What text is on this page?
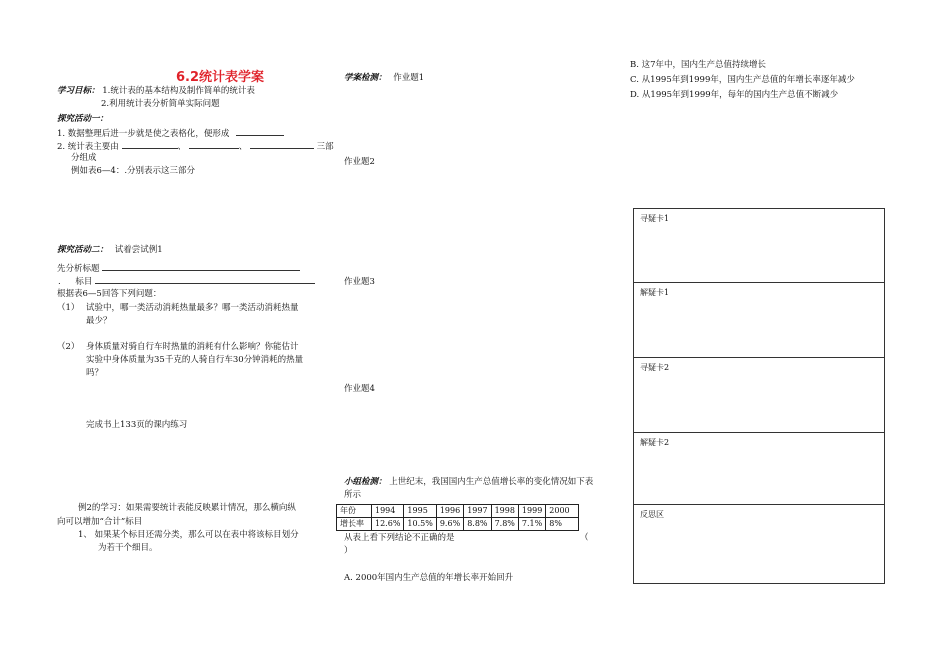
6.2统计表学案
学习目标： 1.统计表的基本结构及制作简单的统计表
2.利用统计表分析简单实际问题
探究活动一：
1. 数据整理后进一步就是使之表格化，便形成
2. 统计表主要由	、	、	三部
分组成
例如表6—4：.分别表示这三部分
探究活动二： 试着尝试例1
先分析标题
. 标目
根据表6—5回答下列问题：
（1） 试验中，哪一类活动消耗热量最多？哪一类活动消耗热量
最少？
（2） 身体质量对骑自行车时热量的消耗有什么影响？你能估计
实验中身体质量为35千克的人骑自行车30分钟消耗的热量
吗？
完成书上133页的课内练习
例2的学习：如果需要统计表能反映累计情况，那么横向纵
向可以增加“合计”标目
1、 如果某个标目还需分类，那么可以在表中将该标目划分
为若干个细目。
学案检测： 作业题1
作业题2
作业题3
作业题4
小组检测： 上世纪末，我国国内生产总值增长率的变化情况如下表
所示
年份	1994	1995	1996	1997	1998	1999	2000
增长率	12.6%	10.5%	9.6%	8.8%	7.8%	7.1%	8%
从表上看下列结论不正确的是	（
）
A. 2000年国内生产总值的年增长率开始回升
B. 这7年中，国内生产总值持续增长
C. 从1995年到1999年，国内生产总值的年增长率逐年减少
D. 从1995年到1999年，每年的国内生产总值不断减少
寻疑卡1
解疑卡1
寻疑卡2
解疑卡2
反思区
